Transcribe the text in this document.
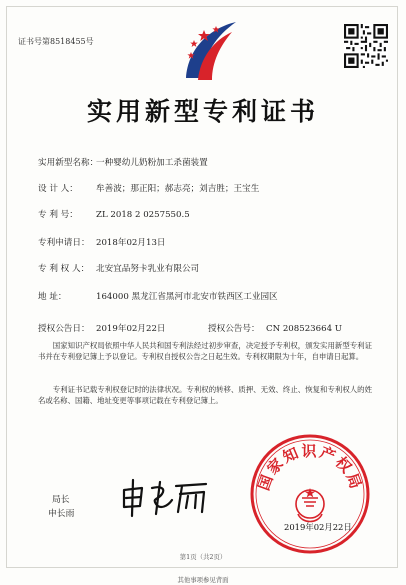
证书号第8518455号
实用新型专利证书
实用新型名称：一种婴幼儿奶粉加工杀菌装置
设 计 人： 牟善波；那正阳；郝志亮；刘吉胜；王宝生
专 利 号： ZL 2018 2 0257550.5
专利申请日： 2018年02月13日
专 利 权 人： 北安宜品努卡乳业有限公司
地 址：	164000 黑龙江省黑河市北安市铁西区工业园区
授权公告日： 2019年02月22日	授权公告号： CN 208523664 U
国家知识产权局依照中华人民共和国专利法经过初步审查，决定授予专利权，颁发实用新型专利证书并在专利登记簿上予以登记。专利权自授权公告之日起生效。专利权期限为十年，自申请日起算。
专利证书记载专利权登记时的法律状况。专利权的转移、质押、无效、终止、恢复和专利权人的姓名或名称、国籍、地址变更等事项记载在专利登记簿上。
局长
申长雨
国家知识产权局
2019年02月22日
第1页（共2页）
其他事项参见背面
